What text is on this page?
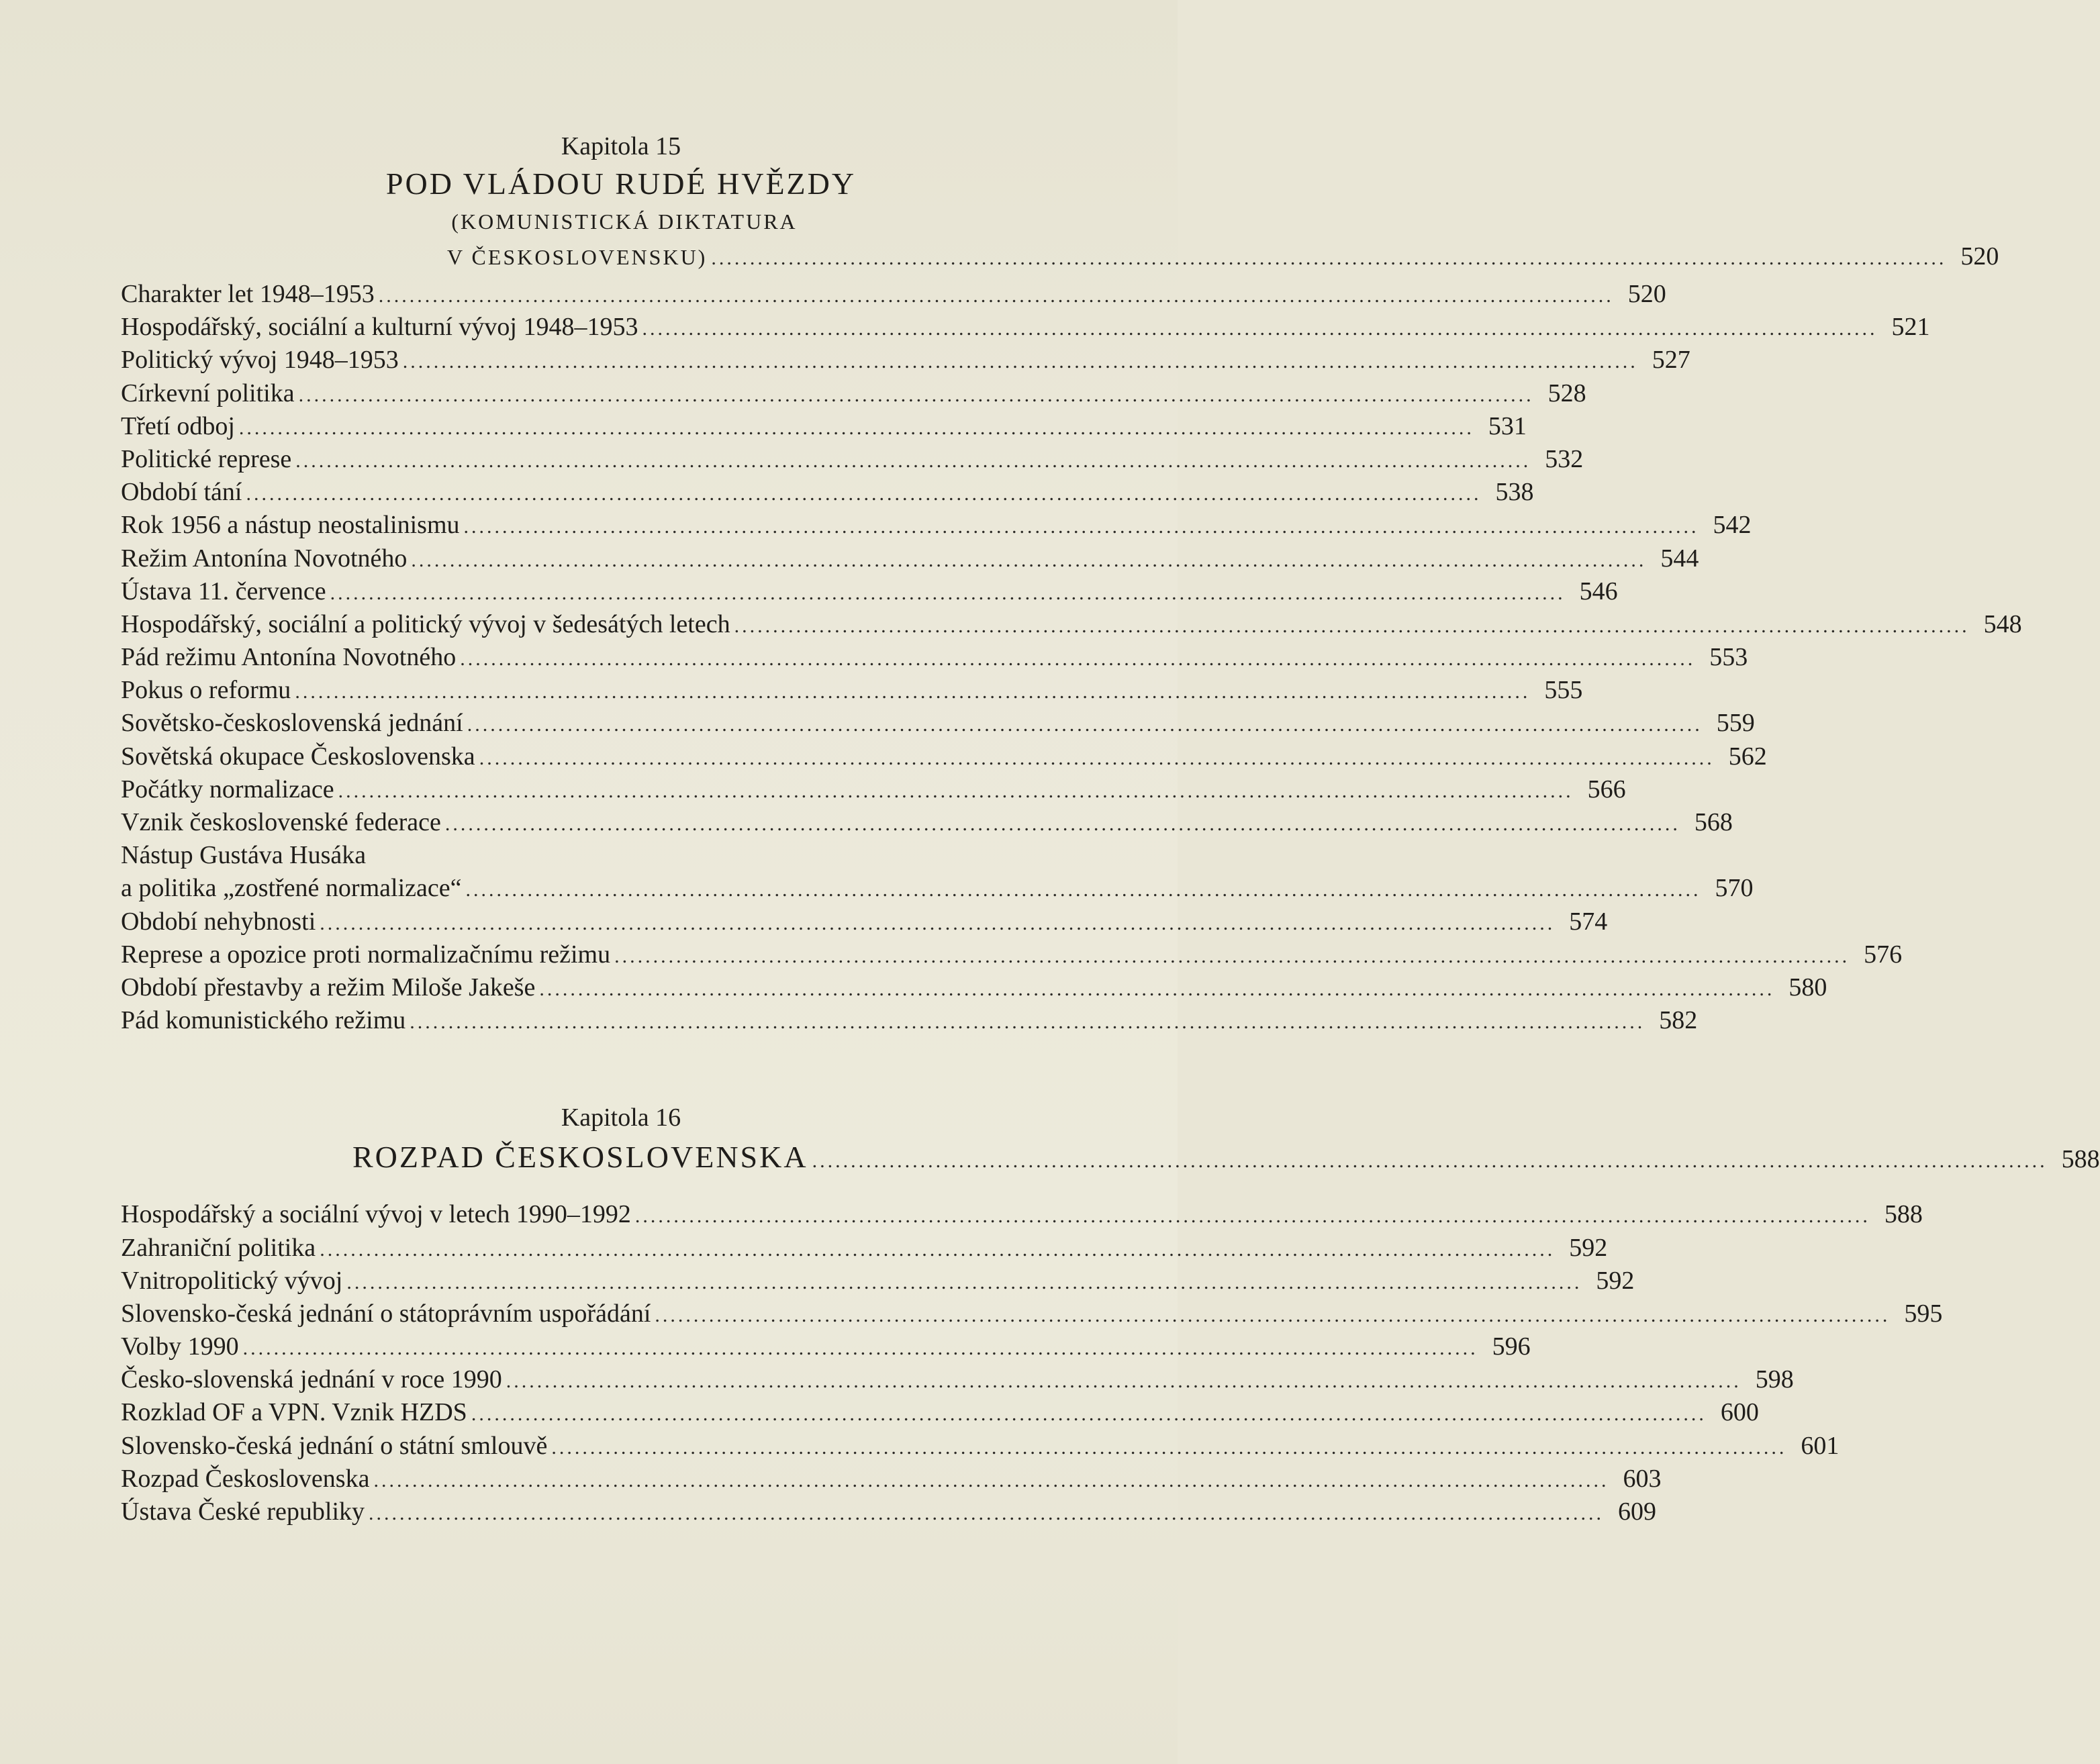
Kapitola 15
POD VLÁDOU RUDÉ HVĚZDY
(KOMUNISTICKÁ DIKTATURA
V ČESKOSLOVENSKU) ................................................................................................................................................................ 520
Charakter let 1948–1953 ................................................................................................................................................................ 520
Hospodářský, sociální a kulturní vývoj 1948–1953 ................................................................................................................................................................ 521
Politický vývoj 1948–1953 ................................................................................................................................................................ 527
Církevní politika ................................................................................................................................................................ 528
Třetí odboj ................................................................................................................................................................ 531
Politické represe ................................................................................................................................................................ 532
Období tání ................................................................................................................................................................ 538
Rok 1956 a nástup neostalinismu ................................................................................................................................................................ 542
Režim Antonína Novotného ................................................................................................................................................................ 544
Ústava 11. července ................................................................................................................................................................ 546
Hospodářský, sociální a politický vývoj v šedesátých letech ................................................................................................................................................................ 548
Pád režimu Antonína Novotného ................................................................................................................................................................ 553
Pokus o reformu ................................................................................................................................................................ 555
Sovětsko-československá jednání ................................................................................................................................................................ 559
Sovětská okupace Československa ................................................................................................................................................................ 562
Počátky normalizace ................................................................................................................................................................ 566
Vznik československé federace ................................................................................................................................................................ 568
Nástup Gustáva Husáka
a politika „zostřené normalizace“ ................................................................................................................................................................ 570
Období nehybnosti ................................................................................................................................................................ 574
Represe a opozice proti normalizačnímu režimu ................................................................................................................................................................ 576
Období přestavby a režim Miloše Jakeše ................................................................................................................................................................ 580
Pád komunistického režimu ................................................................................................................................................................ 582
Kapitola 16
ROZPAD ČESKOSLOVENSKA ................................................................................................................................................................ 588
Hospodářský a sociální vývoj v letech 1990–1992 ................................................................................................................................................................ 588
Zahraniční politika ................................................................................................................................................................ 592
Vnitropolitický vývoj ................................................................................................................................................................ 592
Slovensko-česká jednání o státoprávním uspořádání ................................................................................................................................................................ 595
Volby 1990 ................................................................................................................................................................ 596
Česko-slovenská jednání v roce 1990 ................................................................................................................................................................ 598
Rozklad OF a VPN. Vznik HZDS ................................................................................................................................................................ 600
Slovensko-česká jednání o státní smlouvě ................................................................................................................................................................ 601
Rozpad Československa ................................................................................................................................................................ 603
Ústava České republiky ................................................................................................................................................................ 609
